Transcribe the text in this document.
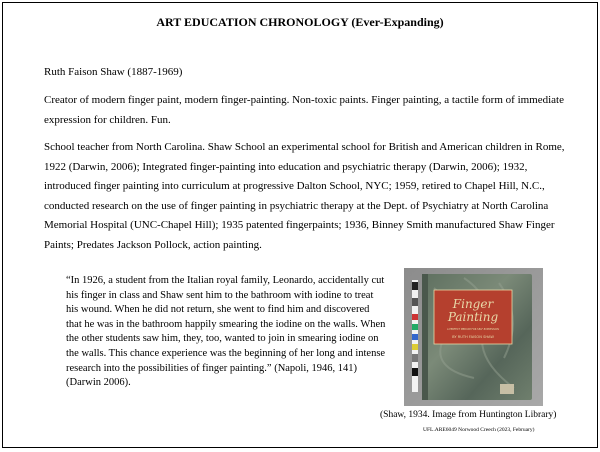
ART EDUCATION CHRONOLOGY (Ever-Expanding)

Ruth Faison Shaw (1887-1969)

Creator of modern finger paint, modern finger-painting. Non-toxic paints. Finger painting, a tactile form of immediate expression for children. Fun.

School teacher from North Carolina. Shaw School an experimental school for British and American children in Rome, 1922 (Darwin, 2006); Integrated finger-painting into education and psychiatric therapy (Darwin, 2006); 1932, introduced finger painting into curriculum at progressive Dalton School, NYC; 1959, retired to Chapel Hill, N.C., conducted research on the use of finger painting in psychiatric therapy at the Dept. of Psychiatry at North Carolina Memorial Hospital (UNC-Chapel Hill); 1935 patented fingerpaints; 1936, Binney Smith manufactured Shaw Finger Paints; Predates Jackson Pollock, action painting.

“In 1926, a student from the Italian royal family, Leonardo, accidentally cut his finger in class and Shaw sent him to the bathroom with iodine to treat his wound. When he did not return, she went to find him and discovered that he was in the bathroom happily smearing the iodine on the walls. When the other students saw him, they, too, wanted to join in smearing iodine on the walls. This chance experience was the beginning of her long and intense research into the possibilities of finger painting.” (Napoli, 1946, 141) (Darwin 2006).

Finger
Painting
A PERFECT MEDIUM FOR SELF-EXPRESSION
BY RUTH FAISON SHAW
(Shaw, 1934. Image from Huntington Library)
UFL.ARE6049 Norwood Creech (2023, February)
